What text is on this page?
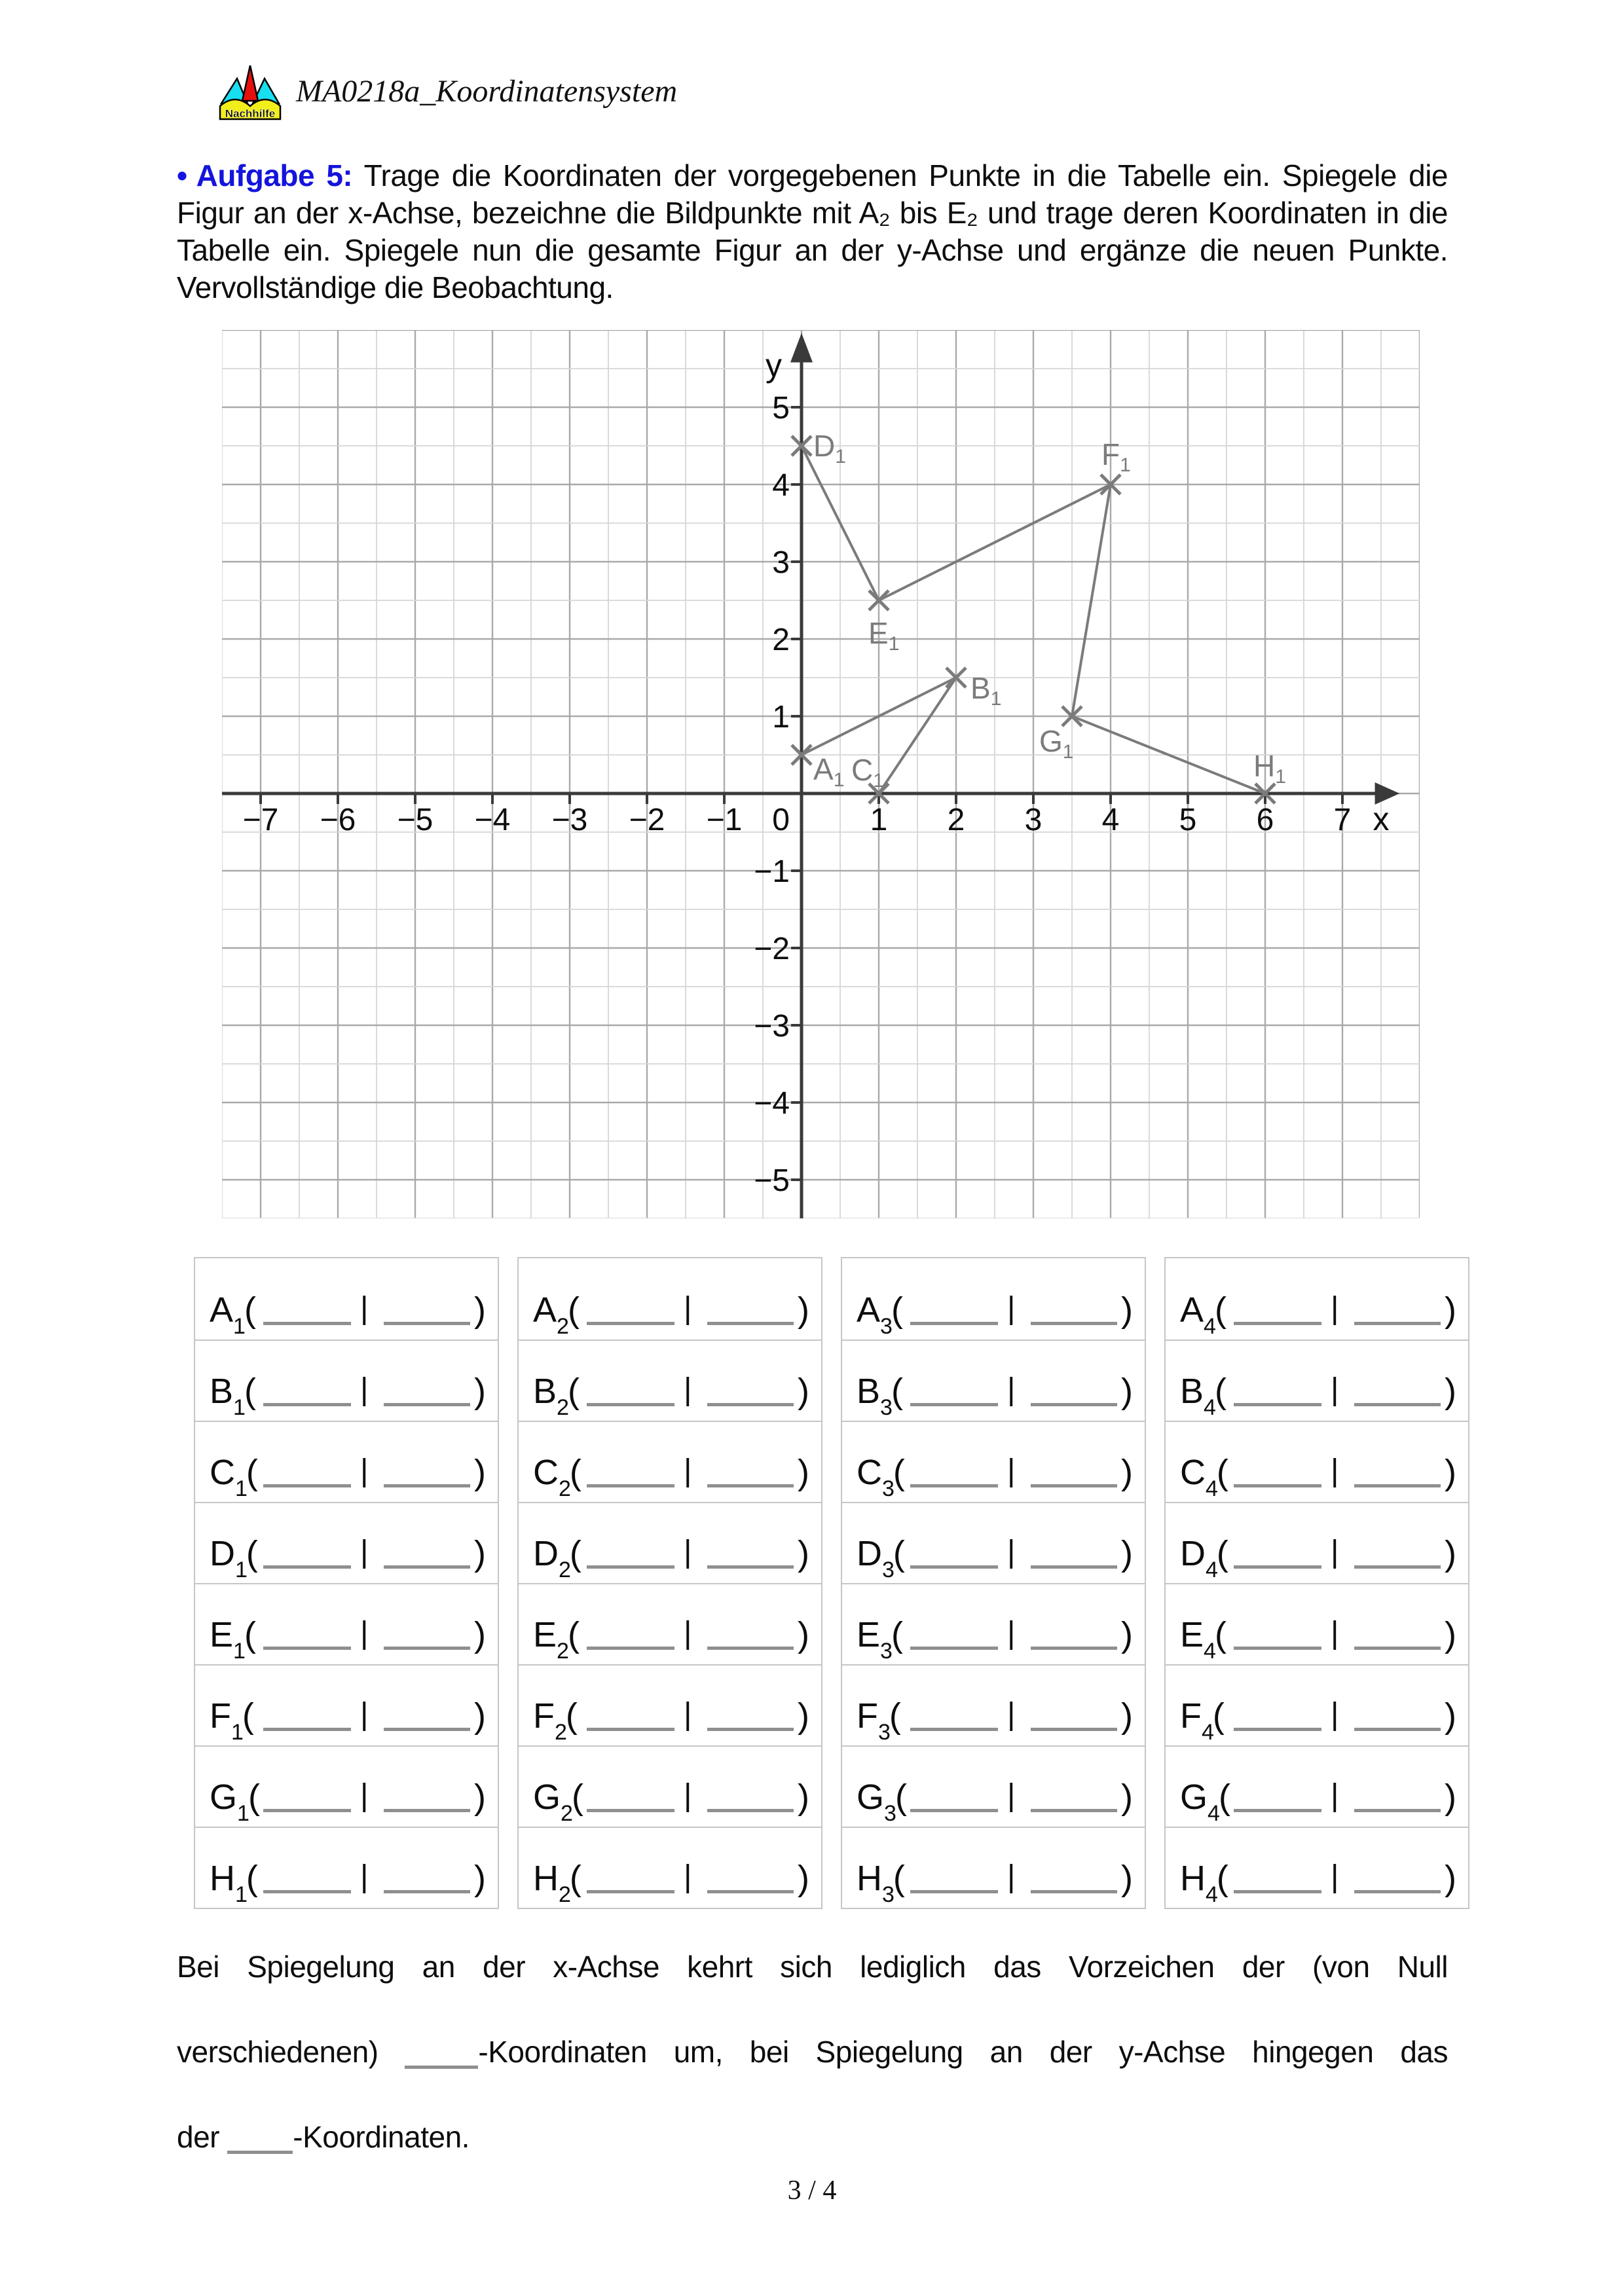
Nachhilfe
MA0218a_Koordinatensystem
• Aufgabe 5: Trage die Koordinaten der vorgegebenen Punkte in die Tabelle ein. Spiegele die Figur an der x-Achse, bezeichne die Bildpunkte mit A₂ bis E₂ und trage deren Koordinaten in die Tabelle ein. Spiegele nun die gesamte Figur an der y-Achse und ergänze die neuen Punkte. Vervollständige die Beobachtung.
−7 −6 −5 −4 −3 −2 −1	1 2 3 4 5 6 7
−5
−4
−3
−2
−1
1
2
3
4
5
0	x
y
$A_1$
$B_1$
$C_1$
$D_1$
$E_1$
$F_1$
$G_1$	$H_1$
$A_1$(	|	)
$B_1$(	|	)
$C_1$(	|	)
$D_1$(	|	)
$E_1$(	|	)
$F_1$(	|	)
$G_1$(	|	)
$H_1$(	|	)
$A_2$(	|	)
$B_2$(	|	)
$C_2$(	|	)
$D_2$(	|	)
$E_2$(	|	)
$F_2$(	|	)
$G_2$(	|	)
$H_2$(	|	)
$A_3$(	|	)
$B_3$(	|	)
$C_3$(	|	)
$D_3$(	|	)
$E_3$(	|	)
$F_3$(	|	)
$G_3$(	|	)
$H_3$(	|	)
$A_4$(	|	)
$B_4$(	|	)
$C_4$(	|	)
$D_4$(	|	)
$E_4$(	|	)
$F_4$(	|	)
$G_4$(	|	)
$H_4$(	|	)
Bei Spiegelung an der x-Achse kehrt sich lediglich das Vorzeichen der (von Null
verschiedenen)	-Koordinaten um, bei Spiegelung an der y-Achse hingegen das
der -Koordinaten.
3 / 4
